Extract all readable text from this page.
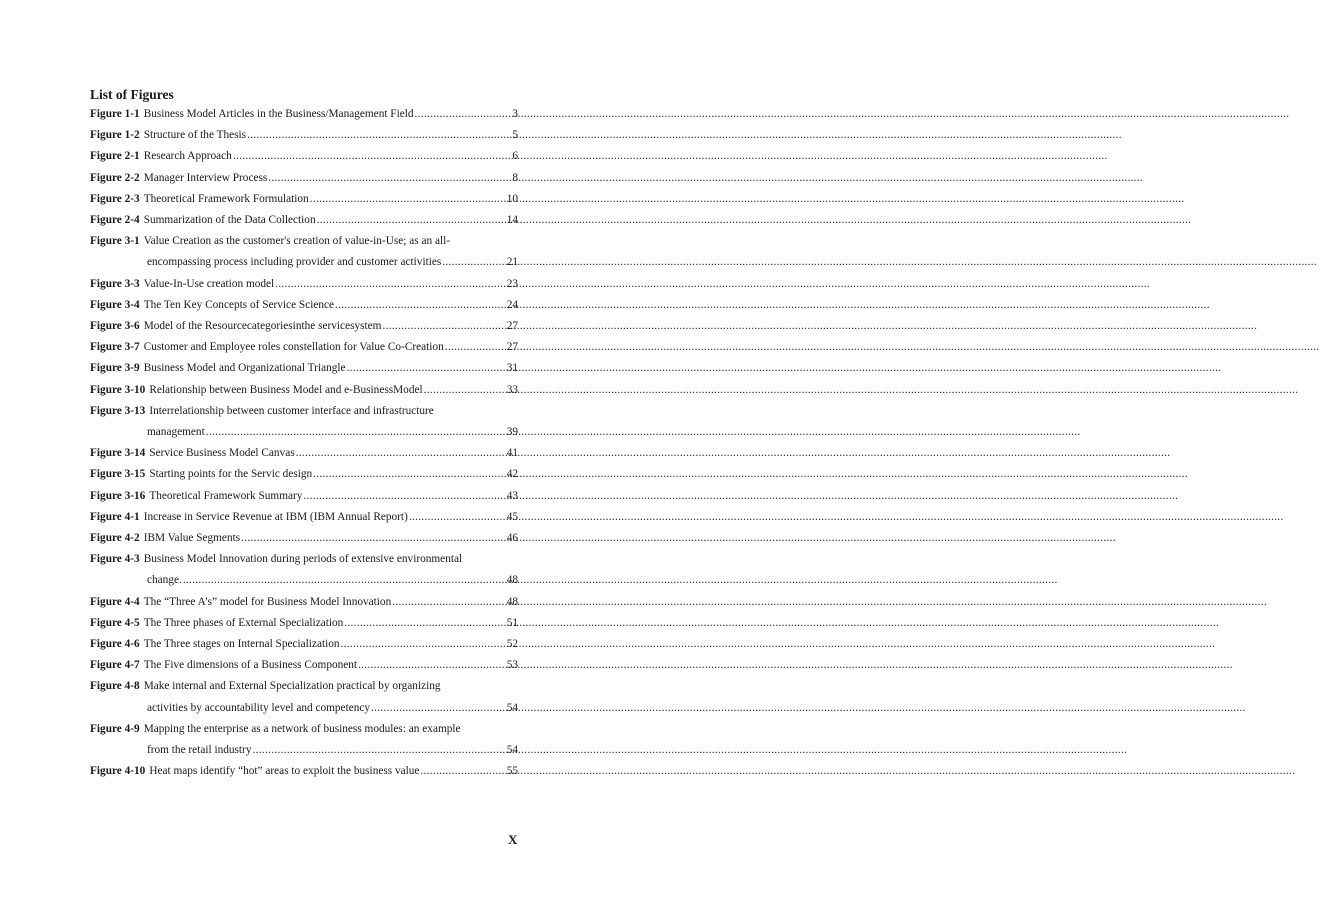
List of Figures
Figure 1-1 Business Model Articles in the Business/Management Field .....	3
Figure 1-2 Structure of the Thesis .....	5
Figure 2-1 Research Approach .....	6
Figure 2-2 Manager Interview Process .....	8
Figure 2-3 Theoretical Framework Formulation .....	10
Figure 2-4 Summarization of the Data Collection .....	14
Figure 3-1 Value Creation as the customer's creation of value-in-Use; as an all-
encompassing process including provider and customer activities .....	21
Figure 3-3 Value-In-Use creation model .....	23
Figure 3-4 The Ten Key Concepts of Service Science .....	24
Figure 3-6 Model of the Resourcecategoriesinthe servicesystem .....	27
Figure 3-7 Customer and Employee roles constellation for Value Co-Creation .....	27
Figure 3-9 Business Model and Organizational Triangle .....	31
Figure 3-10 Relationship between Business Model and e-BusinessModel .....	33
Figure 3-13 Interrelationship between customer interface and infrastructure
management .....	39
Figure 3-14 Service Business Model Canvas .....	41
Figure 3-15 Starting points for the Servic design .....	42
Figure 3-16 Theoretical Framework Summary .....	43
Figure 4-1 Increase in Service Revenue at IBM (IBM Annual Report) .....	45
Figure 4-2 IBM Value Segments .....	46
Figure 4-3 Business Model Innovation during periods of extensive environmental
change. .....	48
Figure 4-4 The “Three A’s” model for Business Model Innovation .....	48
Figure 4-5 The Three phases of External Specialization .....	51
Figure 4-6 The Three stages on Internal Specialization .....	52
Figure 4-7 The Five dimensions of a Business Component .....	53
Figure 4-8 Make internal and External Specialization practical by organizing
activities by accountability level and competency .....	54
Figure 4-9 Mapping the enterprise as a network of business modules: an example
from the retail industry .....	54
Figure 4-10 Heat maps identify “hot” areas to exploit the business value .....	55
X
